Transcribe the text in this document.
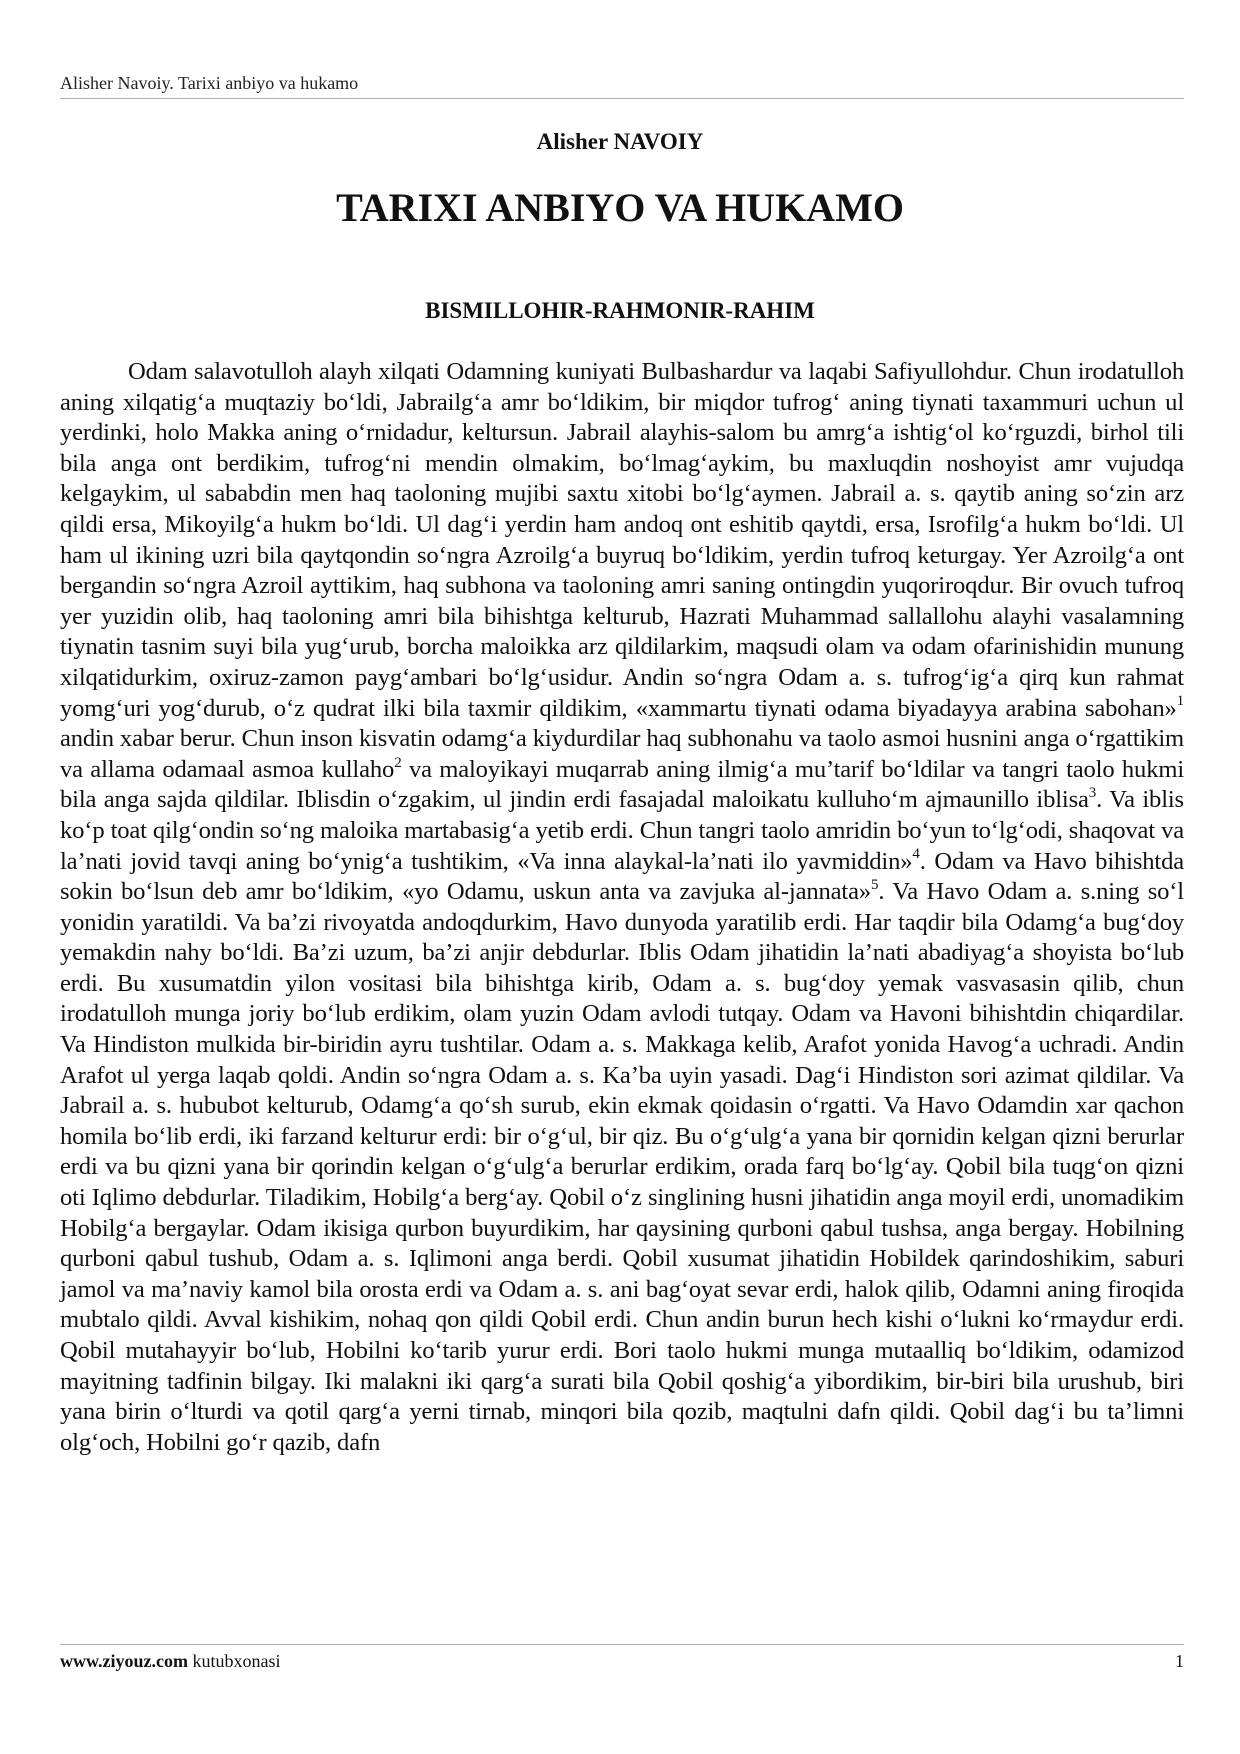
Alisher Navoiy. Tarixi anbiyo va hukamo
Alisher NAVOIY
TARIXI ANBIYO VA HUKAMO
BISMILLOHIR-RAHMONIR-RAHIM

Odam salavotulloh alayh xilqati Odamning kuniyati Bulbashardur va laqabi Safiyullohdur. Chun irodatulloh aning xilqatig‘a muqtaziy bo‘ldi, Jabrailg‘a amr bo‘ldikim, bir miqdor tufrog‘ aning tiynati taxammuri uchun ul yerdinki, holo Makka aning o‘rnidadur, keltursun. Jabrail alayhis-salom bu amrg‘a ishtig‘ol ko‘rguzdi, birhol tili bila anga ont berdikim, tufrog‘ni mendin olmakim, bo‘lmag‘aykim, bu maxluqdin noshoyist amr vujudqa kelgaykim, ul sababdin men haq taoloning mujibi saxtu xitobi bo‘lg‘aymen. Jabrail a. s. qaytib aning so‘zin arz qildi ersa, Mikoyilg‘a hukm bo‘ldi. Ul dag‘i yerdin ham andoq ont eshitib qaytdi, ersa, Isrofilg‘a hukm bo‘ldi. Ul ham ul ikining uzri bila qaytqondin so‘ngra Azroilg‘a buyruq bo‘ldikim, yerdin tufroq keturgay. Yer Azroilg‘a ont bergandin so‘ngra Azroil ayttikim, haq subhona va taoloning amri saning ontingdin yuqoriroqdur. Bir ovuch tufroq yer yuzidin olib, haq taoloning amri bila bihishtga kelturub, Hazrati Muhammad sallallohu alayhi vasalamning tiynatin tasnim suyi bila yug‘urub, borcha maloikka arz qildilarkim, maqsudi olam va odam ofarinishidin munung xilqatidurkim, oxiruz-zamon payg‘ambari bo‘lg‘usidur. Andin so‘ngra Odam a. s. tufrog‘ig‘a qirq kun rahmat yomg‘uri yog‘durub, o‘z qudrat ilki bila taxmir qildikim, «xammartu tiynati odama biyadayya arabina sabohan»$^1$ andin xabar berur. Chun inson kisvatin odamg‘a kiydurdilar haq subhonahu va taolo asmoi husnini anga o‘rgattikim va allama odamaal asmoa kullaho$^2$ va maloyikayi muqarrab aning ilmig‘a mu’tarif bo‘ldilar va tangri taolo hukmi bila anga sajda qildilar. Iblisdin o‘zgakim, ul jindin erdi fasajadal maloikatu kulluho‘m ajmaunillo iblisa$^3$. Va iblis ko‘p toat qilg‘ondin so‘ng maloika martabasig‘a yetib erdi. Chun tangri taolo amridin bo‘yun to‘lg‘odi, shaqovat va la’nati jovid tavqi aning bo‘ynig‘a tushtikim, «Va inna alaykal-la’nati ilo yavmiddin»$^4$. Odam va Havo bihishtda sokin bo‘lsun deb amr bo‘ldikim, «yo Odamu, uskun anta va zavjuka al-jannata»$^5$. Va Havo Odam a. s.ning so‘l yonidin yaratildi. Va ba’zi rivoyatda andoqdurkim, Havo dunyoda yaratilib erdi. Har taqdir bila Odamg‘a bug‘doy yemakdin nahy bo‘ldi. Ba’zi uzum, ba’zi anjir debdurlar. Iblis Odam jihatidin la’nati abadiyag‘a shoyista bo‘lub erdi. Bu xusumatdin yilon vositasi bila bihishtga kirib, Odam a. s. bug‘doy yemak vasvasasin qilib, chun irodatulloh munga joriy bo‘lub erdikim, olam yuzin Odam avlodi tutqay. Odam va Havoni bihishtdin chiqardilar. Va Hindiston mulkida bir-biridin ayru tushtilar. Odam a. s. Makkaga kelib, Arafot yonida Havog‘a uchradi. Andin Arafot ul yerga laqab qoldi. Andin so‘ngra Odam a. s. Ka’ba uyin yasadi. Dag‘i Hindiston sori azimat qildilar. Va Jabrail a. s. hububot kelturub, Odamg‘a qo‘sh surub, ekin ekmak qoidasin o‘rgatti. Va Havo Odamdin xar qachon homila bo‘lib erdi, iki farzand kelturur erdi: bir o‘g‘ul, bir qiz. Bu o‘g‘ulg‘a yana bir qornidin kelgan qizni berurlar erdi va bu qizni yana bir qorindin kelgan o‘g‘ulg‘a berurlar erdikim, orada farq bo‘lg‘ay. Qobil bila tuqg‘on qizni oti Iqlimo debdurlar. Tiladikim, Hobilg‘a berg‘ay. Qobil o‘z singlining husni jihatidin anga moyil erdi, unomadikim Hobilg‘a bergaylar. Odam ikisiga qurbon buyurdikim, har qaysining qurboni qabul tushsa, anga bergay. Hobilning qurboni qabul tushub, Odam a. s. Iqlimoni anga berdi. Qobil xusumat jihatidin Hobildek qarindoshikim, saburi jamol va ma’naviy kamol bila orosta erdi va Odam a. s. ani bag‘oyat sevar erdi, halok qilib, Odamni aning firoqida mubtalo qildi. Avval kishikim, nohaq qon qildi Qobil erdi. Chun andin burun hech kishi o‘lukni ko‘rmaydur erdi. Qobil mutahayyir bo‘lub, Hobilni ko‘tarib yurur erdi. Bori taolo hukmi munga mutaalliq bo‘ldikim, odamizod mayitning tadfinin bilgay. Iki malakni iki qarg‘a surati bila Qobil qoshig‘a yibordikim, bir-biri bila urushub, biri yana birin o‘lturdi va qotil qarg‘a yerni tirnab, minqori bila qozib, maqtulni dafn qildi. Qobil dag‘i bu ta’limni olg‘och, Hobilni go‘r qazib, dafn

www.ziyouz.com kutubxonasi	1
